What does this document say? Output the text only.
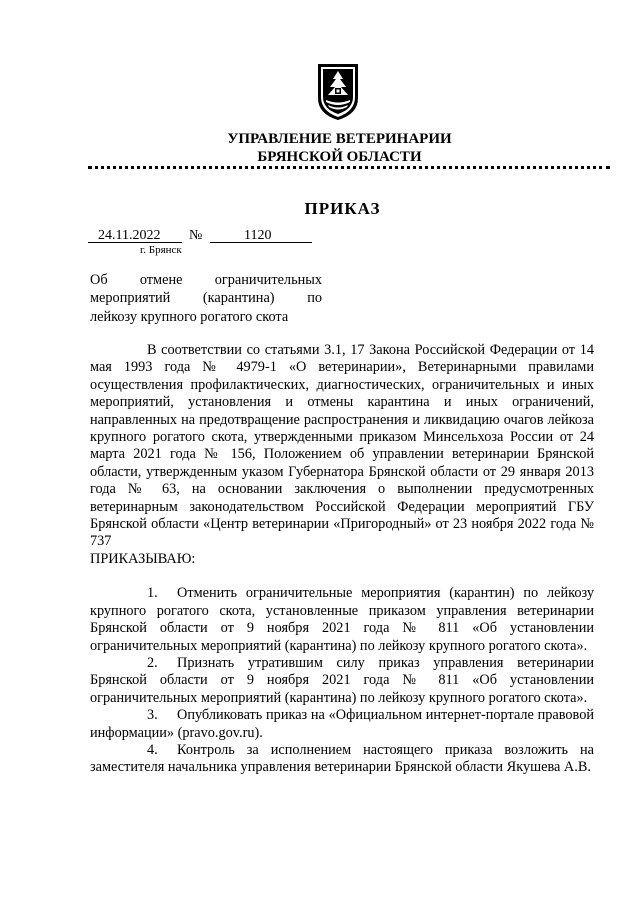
УПРАВЛЕНИЕ ВЕТЕРИНАРИИ
БРЯНСКОЙ ОБЛАСТИ
ПРИКАЗ
24.11.2022 №	1120
г. Брянск
Об отмене ограничительных
мероприятий (карантина) по
лейкозу крупного рогатого скота

В соответствии со статьями 3.1, 17 Закона Российской Федерации от 14 мая 1993 года № 4979-1 «О ветеринарии», Ветеринарными правилами осуществления профилактических, диагностических, ограничительных и иных мероприятий, установления и отмены карантина и иных ограничений, направленных на предотвращение распространения и ликвидацию очагов лейкоза крупного рогатого скота, утвержденными приказом Минсельхоза России от 24 марта 2021 года № 156, Положением об управлении ветеринарии Брянской области, утвержденным указом Губернатора Брянской области от 29 января 2013 года № 63, на основании заключения о выполнении предусмотренных ветеринарным законодательством Российской Федерации мероприятий ГБУ Брянской области «Центр ветеринарии «Пригородный» от 23 ноября 2022 года № 737

ПРИКАЗЫВАЮ:

1. Отменить ограничительные мероприятия (карантин) по лейкозу крупного рогатого скота, установленные приказом управления ветеринарии Брянской области от 9 ноября 2021 года № 811 «Об установлении ограничительных мероприятий (карантина) по лейкозу крупного рогатого скота».

2. Признать утратившим силу приказ управления ветеринарии Брянской области от 9 ноября 2021 года № 811 «Об установлении ограничительных мероприятий (карантина) по лейкозу крупного рогатого скота».

3. Опубликовать приказ на «Официальном интернет-портале правовой информации» (pravo.gov.ru).

4. Контроль за исполнением настоящего приказа возложить на заместителя начальника управления ветеринарии Брянской области Якушева А.В.
